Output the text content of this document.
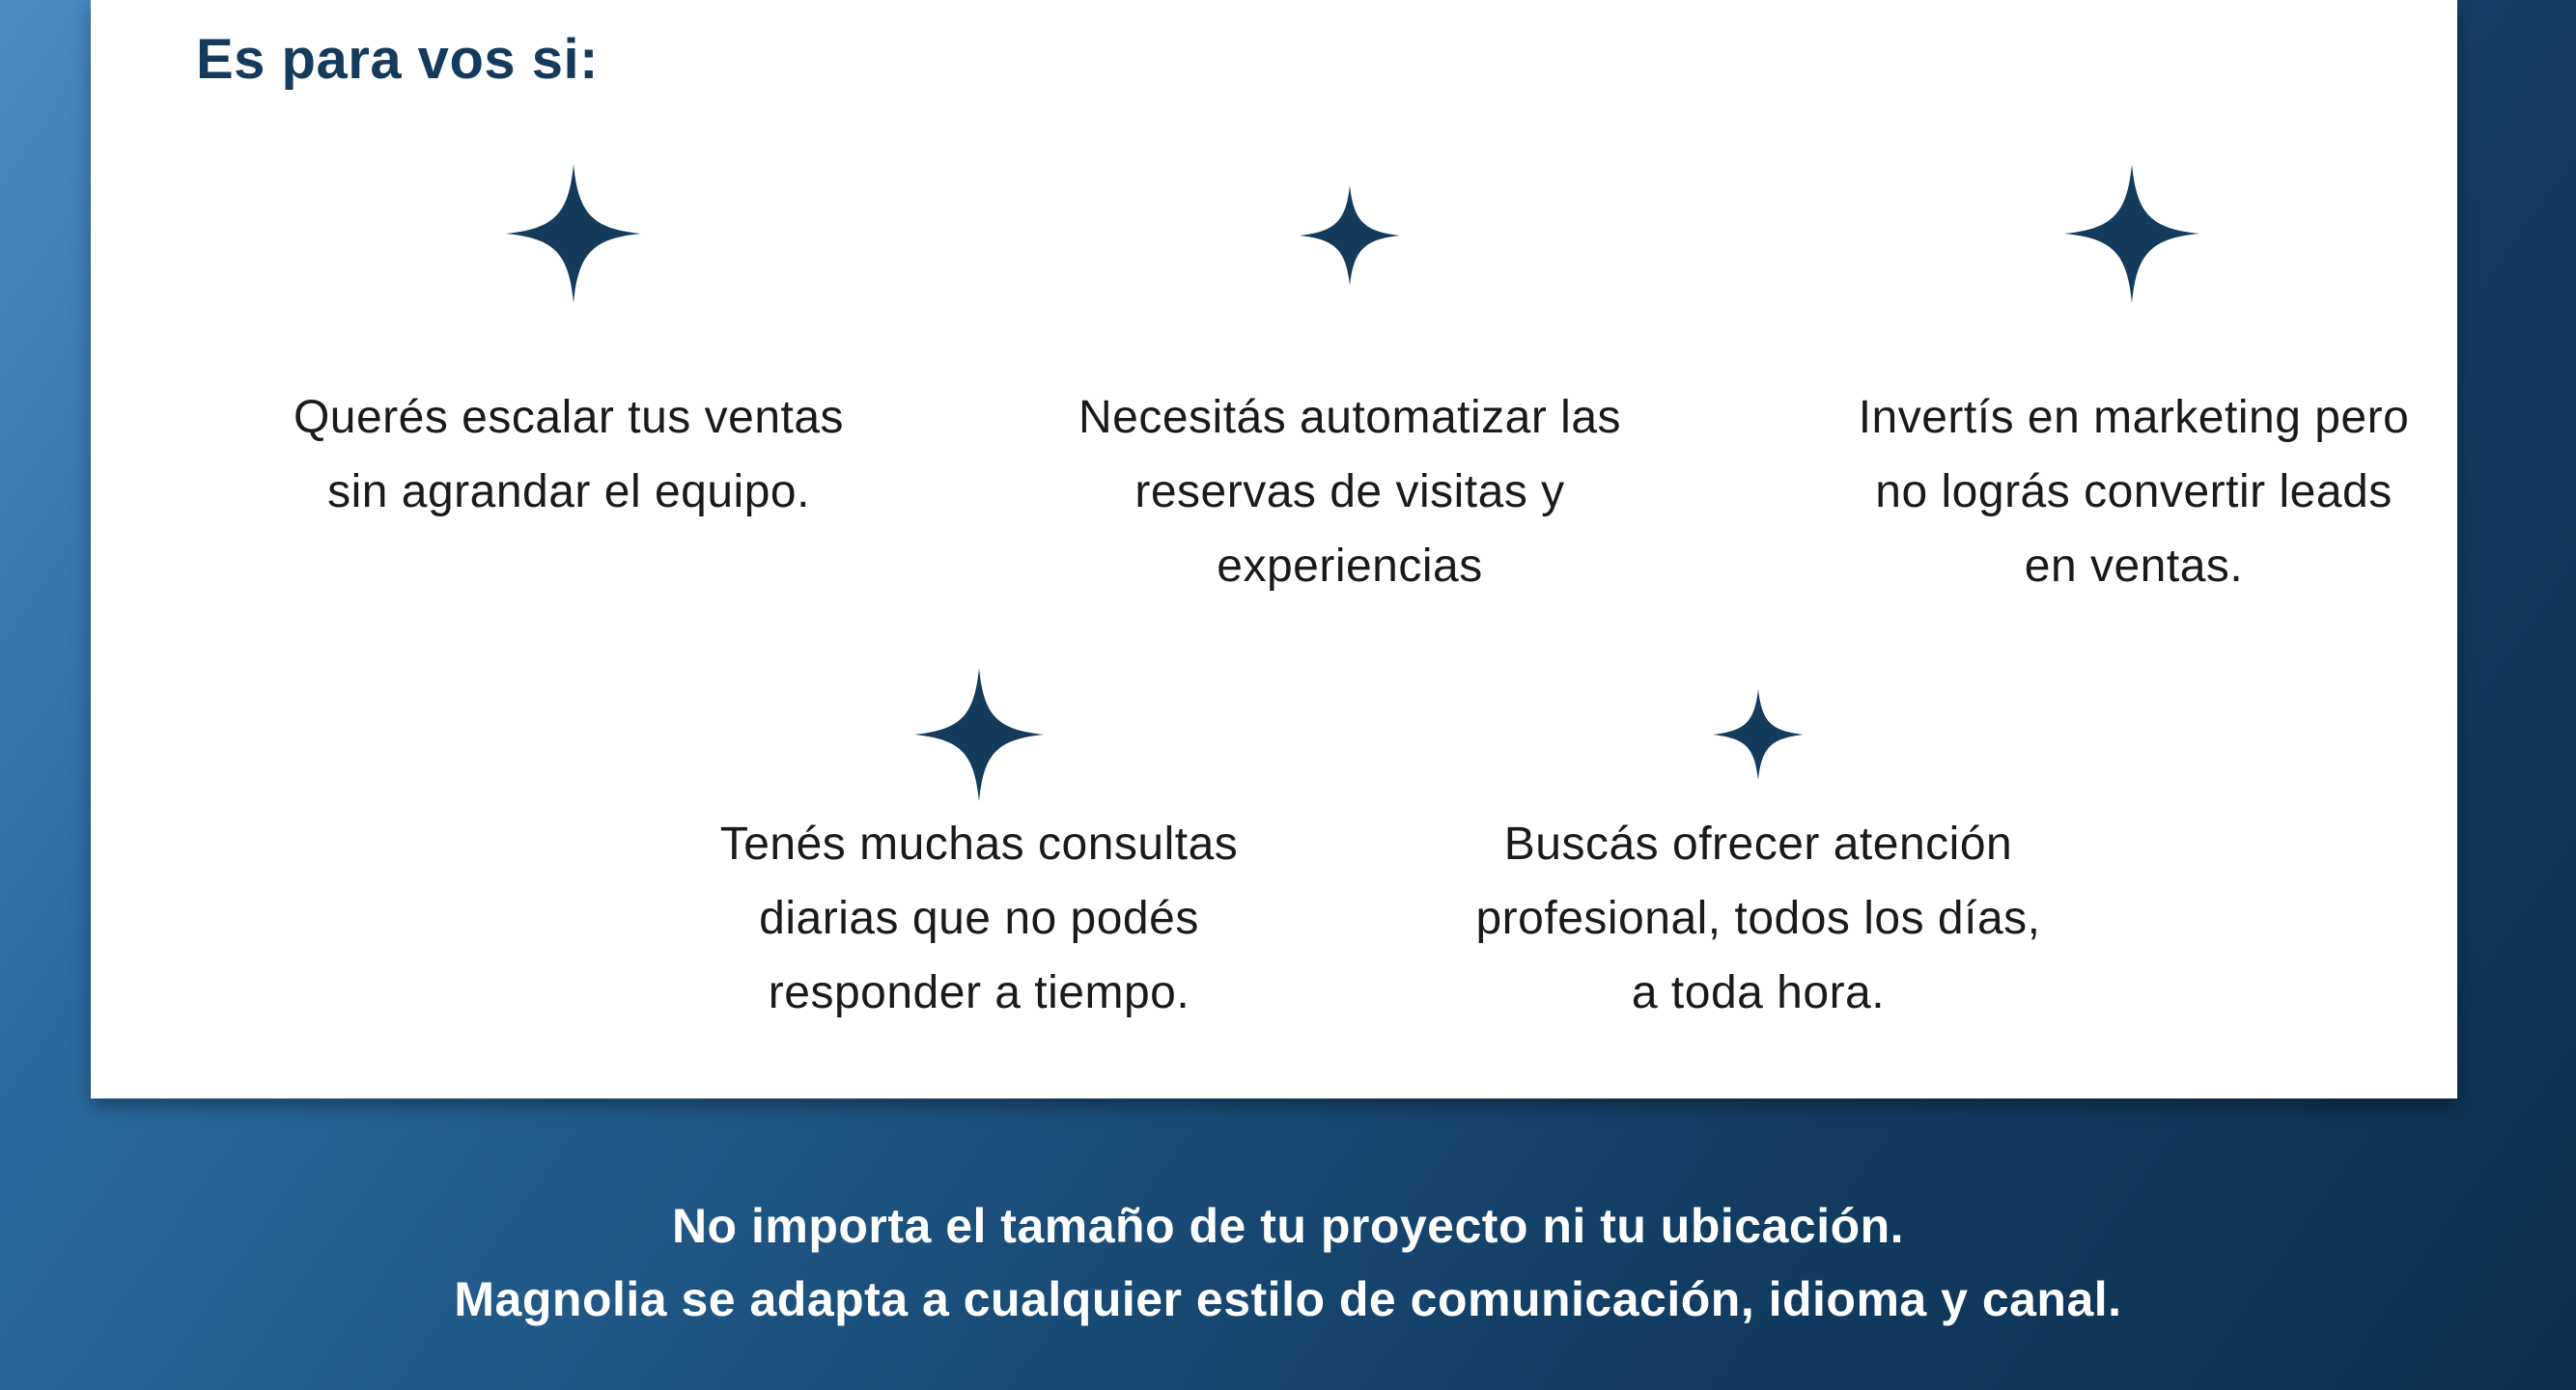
Es para vos si:
Querés escalar tus ventas
sin agrandar el equipo.
Necesitás automatizar las
reservas de visitas y
experiencias
Invertís en marketing pero
no lográs convertir leads
en ventas.
Tenés muchas consultas
diarias que no podés
responder a tiempo.
Buscás ofrecer atención
profesional, todos los días,
a toda hora.
No importa el tamaño de tu proyecto ni tu ubicación.
Magnolia se adapta a cualquier estilo de comunicación, idioma y canal.
